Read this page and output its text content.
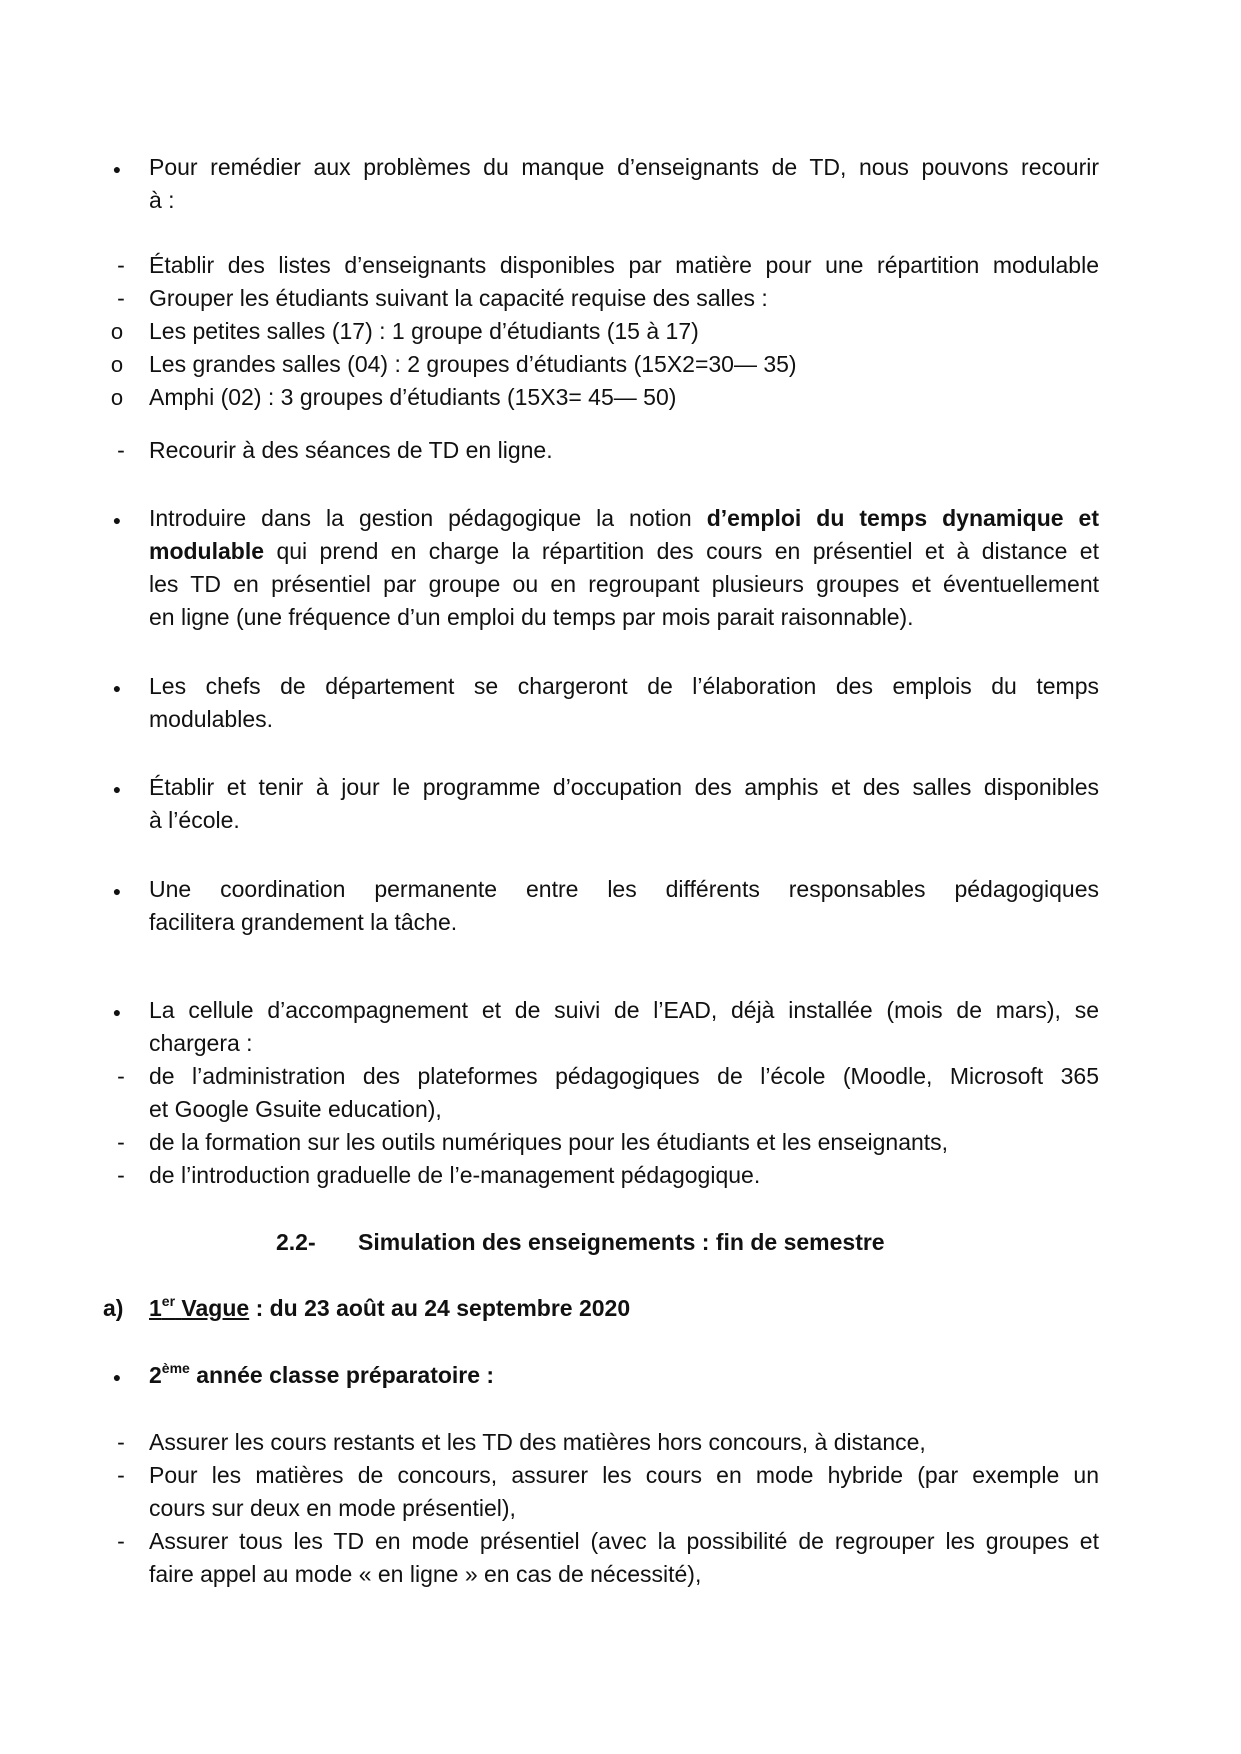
●	Pour remédier aux problèmes du manque d’enseignants de TD, nous pouvons recourir
à :
-	Établir des listes d’enseignants disponibles par matière pour une répartition modulable
-	Grouper les étudiants suivant la capacité requise des salles :
o	Les petites salles (17) : 1 groupe d’étudiants (15 à 17)
o	Les grandes salles (04) : 2 groupes d’étudiants (15X2=30— 35)
o	Amphi (02) : 3 groupes d’étudiants (15X3= 45— 50)
-	Recourir à des séances de TD en ligne.
●	Introduire dans la gestion pédagogique la notion d’emploi du temps dynamique et
modulable qui prend en charge la répartition des cours en présentiel et à distance et
les TD en présentiel par groupe ou en regroupant plusieurs groupes et éventuellement
en ligne (une fréquence d’un emploi du temps par mois parait raisonnable).
●	Les chefs de département se chargeront de l’élaboration des emplois du temps
modulables.
●	Établir et tenir à jour le programme d’occupation des amphis et des salles disponibles
à l’école.
●	Une coordination permanente entre les différents responsables pédagogiques
facilitera grandement la tâche.
●	La cellule d’accompagnement et de suivi de l’EAD, déjà installée (mois de mars), se
chargera :
-	de l’administration des plateformes pédagogiques de l’école (Moodle, Microsoft 365
et Google Gsuite education),
-	de la formation sur les outils numériques pour les étudiants et les enseignants,
-	de l’introduction graduelle de l’e-management pédagogique.
2.2- Simulation des enseignements : fin de semestre
a) 1er Vague : du 23 août au 24 septembre 2020
●	2ème année classe préparatoire :
-	Assurer les cours restants et les TD des matières hors concours, à distance,
-	Pour les matières de concours, assurer les cours en mode hybride (par exemple un
cours sur deux en mode présentiel),
-	Assurer tous les TD en mode présentiel (avec la possibilité de regrouper les groupes et
faire appel au mode « en ligne » en cas de nécessité),
